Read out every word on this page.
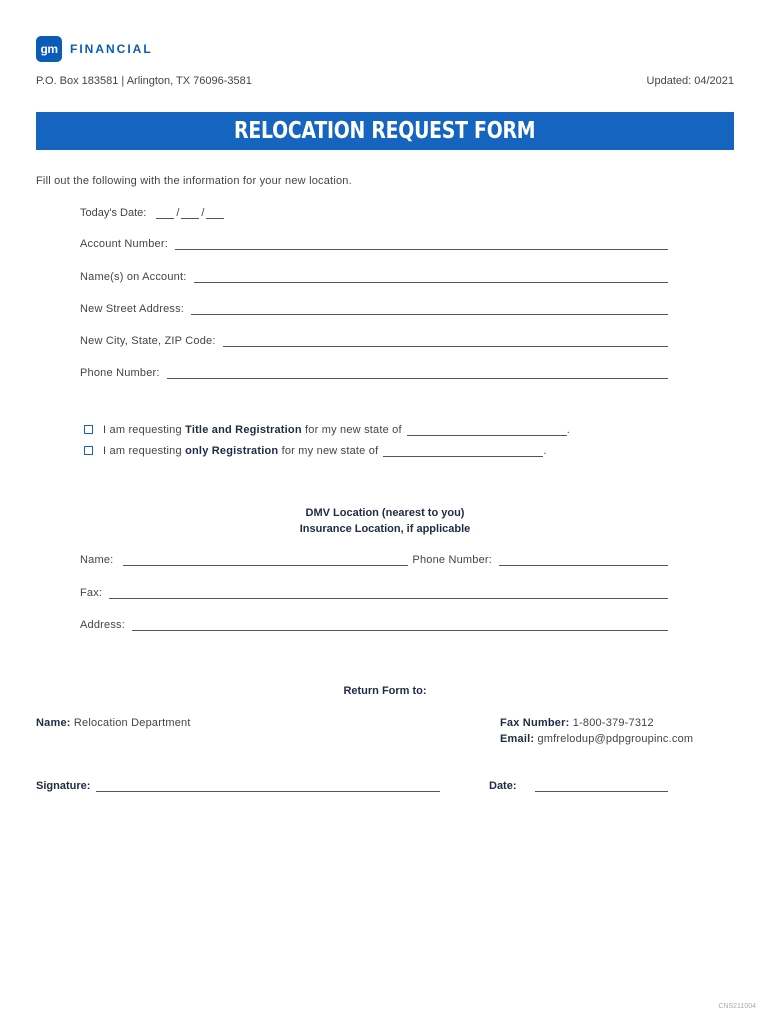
gm FINANCIAL
P.O. Box 183581 | Arlington, TX 76096-3581	Updated: 04/2021
RELOCATION REQUEST FORM
Fill out the following with the information for your new location.
Today's Date:	/ /
Account Number:
Name(s) on Account:
New Street Address:
New City, State, ZIP Code:
Phone Number:
I am requesting
Title and Registration
for my new state of	.
I am requesting
only Registration
for my new state of	.
DMV Location (nearest to you)
Insurance Location, if applicable
Name:	Phone Number:
Fax:
Address:
Return Form to:
Name: Relocation Department	Fax Number: 1-800-379-7312
Email: gmfrelodup@pdpgroupinc.com
Signature:	Date:
CNS211004
